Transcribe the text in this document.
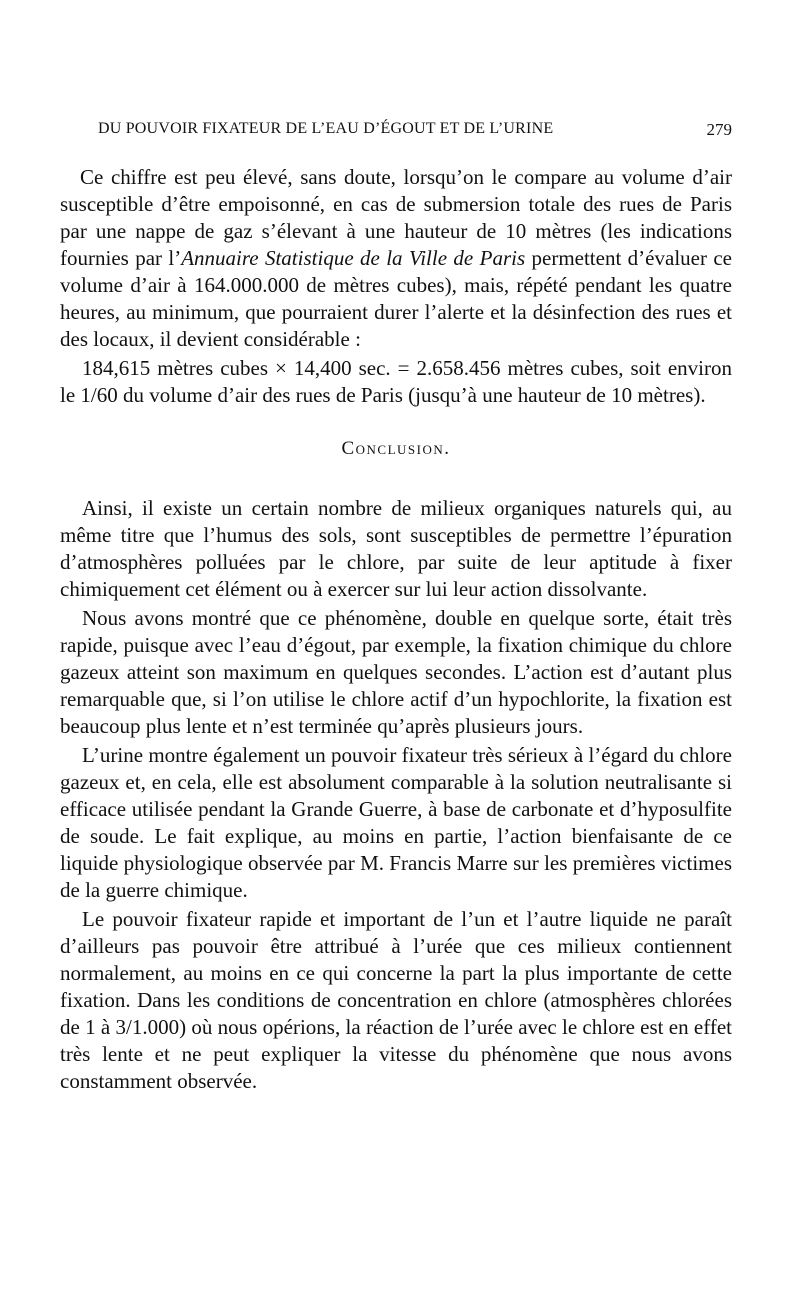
DU POUVOIR FIXATEUR DE L’EAU D’ÉGOUT ET DE L’URINE	279

Ce chiffre est peu élevé, sans doute, lorsqu’on le compare au volume d’air susceptible d’être empoisonné, en cas de submersion totale des rues de Paris par une nappe de gaz s’élevant à une hauteur de 10 mètres (les indications fournies par l’Annuaire Statistique de la Ville de Paris permettent d’évaluer ce volume d’air à 164.000.000 de mètres cubes), mais, répété pendant les quatre heures, au minimum, que pourraient durer l’alerte et la désinfection des rues et des locaux, il devient considérable :

184,615 mètres cubes × 14,400 sec. = 2.658.456 mètres cubes, soit environ le 1/60 du volume d’air des rues de Paris (jusqu’à une hauteur de 10 mètres).

Conclusion.

Ainsi, il existe un certain nombre de milieux organiques naturels qui, au même titre que l’humus des sols, sont susceptibles de permettre l’épuration d’atmosphères polluées par le chlore, par suite de leur aptitude à fixer chimiquement cet élément ou à exercer sur lui leur action dissolvante.

Nous avons montré que ce phénomène, double en quelque sorte, était très rapide, puisque avec l’eau d’égout, par exemple, la fixation chimique du chlore gazeux atteint son maximum en quelques secondes. L’action est d’autant plus remarquable que, si l’on utilise le chlore actif d’un hypochlorite, la fixation est beaucoup plus lente et n’est terminée qu’après plusieurs jours.

L’urine montre également un pouvoir fixateur très sérieux à l’égard du chlore gazeux et, en cela, elle est absolument comparable à la solution neutralisante si efficace utilisée pendant la Grande Guerre, à base de carbonate et d’hyposulfite de soude. Le fait explique, au moins en partie, l’action bienfaisante de ce liquide physiologique observée par M. Francis Marre sur les premières victimes de la guerre chimique.

Le pouvoir fixateur rapide et important de l’un et l’autre liquide ne paraît d’ailleurs pas pouvoir être attribué à l’urée que ces milieux contiennent normalement, au moins en ce qui concerne la part la plus importante de cette fixation. Dans les conditions de concentration en chlore (atmosphères chlorées de 1 à 3/1.000) où nous opérions, la réaction de l’urée avec le chlore est en effet très lente et ne peut expliquer la vitesse du phénomène que nous avons constamment observée.
